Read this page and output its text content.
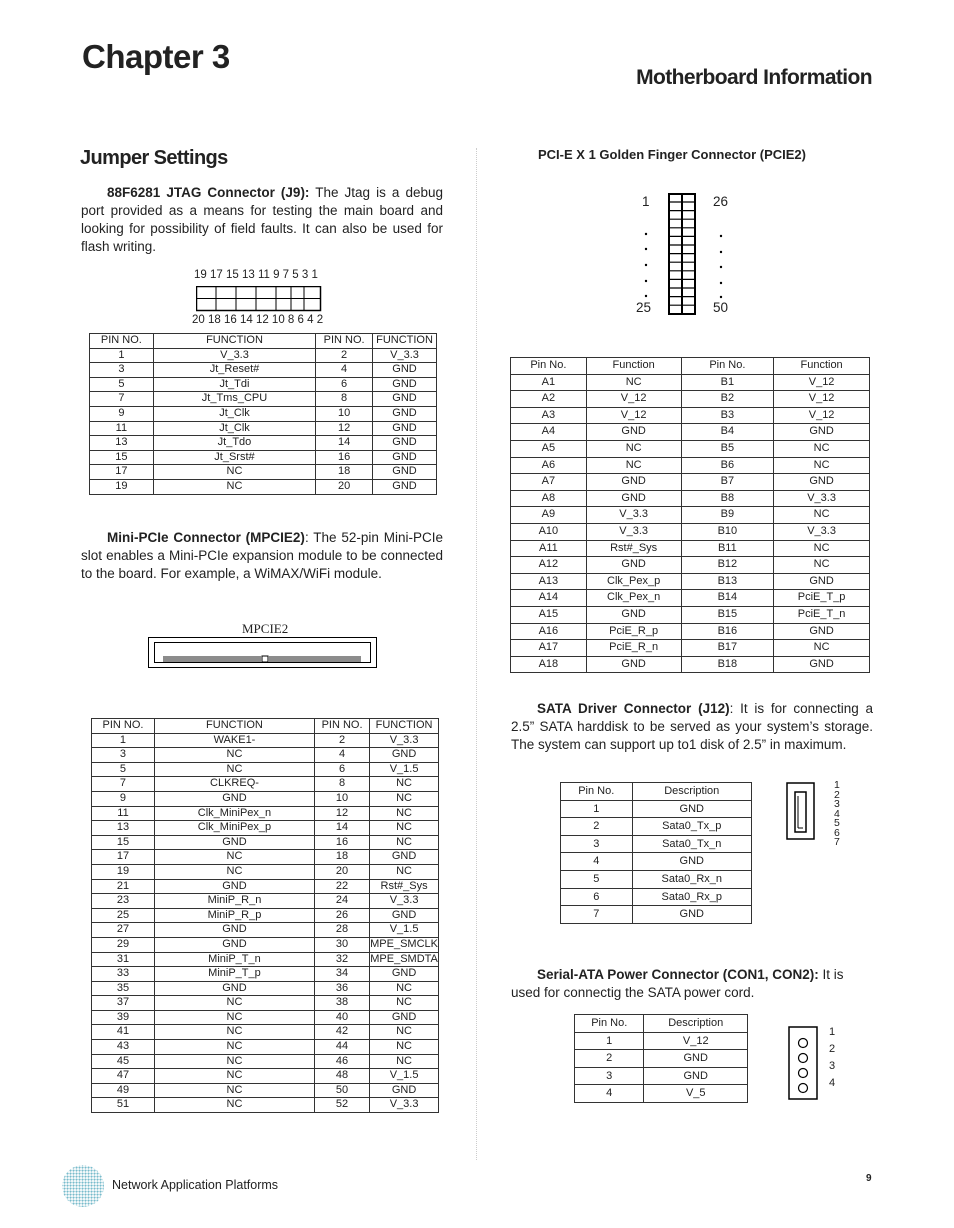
Chapter 3
Motherboard Information
Jumper Settings
88F6281 JTAG Connector (J9): The Jtag is a debug port provided as a means for testing the main board and looking for possibility of field faults. It can also be used for flash writing.
19 17 15 13 11 9 7 5 3 1
20 18 16 14 12 10 8 6 4 2
PIN NO.	FUNCTION	PIN NO.	FUNCTION
1	V_3.3	2	V_3.3
3	Jt_Reset#	4	GND
5	Jt_Tdi	6	GND
7	Jt_Tms_CPU	8	GND
9	Jt_Clk	10	GND
11	Jt_Clk	12	GND
13	Jt_Tdo	14	GND
15	Jt_Srst#	16	GND
17	NC	18	GND
19	NC	20	GND
Mini-PCIe Connector (MPCIE2): The 52-pin Mini-PCIe slot enables a Mini-PCIe expansion module to be connected to the board. For example, a WiMAX/WiFi module.
MPCIE2
PIN NO.	FUNCTION	PIN NO.	FUNCTION
1	WAKE1-	2	V_3.3
3	NC	4	GND
5	NC	6	V_1.5
7	CLKREQ-	8	NC
9	GND	10	NC
11	Clk_MiniPex_n	12	NC
13	Clk_MiniPex_p	14	NC
15	GND	16	NC
17	NC	18	GND
19	NC	20	NC
21	GND	22	Rst#_Sys
23	MiniP_R_n	24	V_3.3
25	MiniP_R_p	26	GND
27	GND	28	V_1.5
29	GND	30	MPE_SMCLK
31	MiniP_T_n	32	MPE_SMDTA
33	MiniP_T_p	34	GND
35	GND	36	NC
37	NC	38	NC
39	NC	40	GND
41	NC	42	NC
43	NC	44	NC
45	NC	46	NC
47	NC	48	V_1.5
49	NC	50	GND
51	NC	52	V_3.3
PCI-E X 1 Golden Finger Connector (PCIE2)
1	26
25	50
Pin No.	Function	Pin No.	Function
A1	NC	B1	V_12
A2	V_12	B2	V_12
A3	V_12	B3	V_12
A4	GND	B4	GND
A5	NC	B5	NC
A6	NC	B6	NC
A7	GND	B7	GND
A8	GND	B8	V_3.3
A9	V_3.3	B9	NC
A10	V_3.3	B10	V_3.3
A11	Rst#_Sys	B11	NC
A12	GND	B12	NC
A13	Clk_Pex_p	B13	GND
A14	Clk_Pex_n	B14	PciE_T_p
A15	GND	B15	PciE_T_n
A16	PciE_R_p	B16	GND
A17	PciE_R_n	B17	NC
A18	GND	B18	GND
SATA Driver Connector (J12): It is for connecting a 2.5” SATA harddisk to be served as your system’s storage. The system can support up to1 disk of 2.5” in maximum.
Pin No.	Description
1	GND
2	Sata0_Tx_p
3	Sata0_Tx_n
4	GND
5	Sata0_Rx_n
6	Sata0_Rx_p
7	GND
1
2
3
4
5
6
7
Serial-ATA Power Connector (CON1, CON2): It is used for connectig the SATA power cord.
Pin No.	Description
1	V_12
2	GND
3	GND
4	V_5
1
2
3
4
Network Application Platforms	9
